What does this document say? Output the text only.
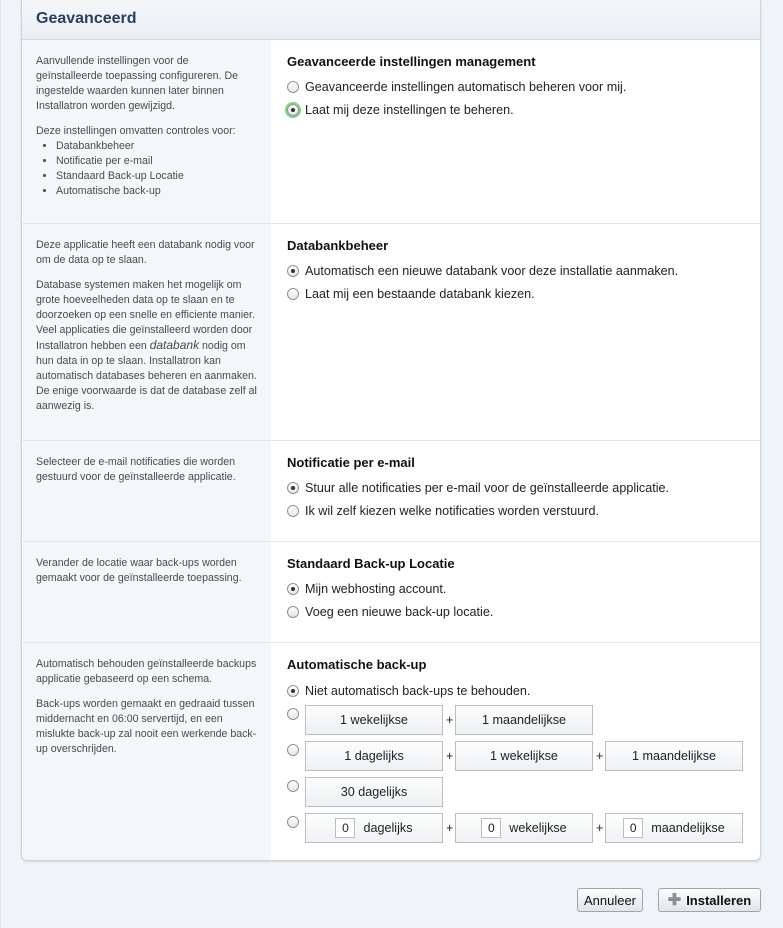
Geavanceerd

Aanvullende instellingen voor de geïnstalleerde toepassing configureren. De ingestelde waarden kunnen later binnen Installatron worden gewijzigd.

Deze instellingen omvatten controles voor:

• Databankbeheer
• Notificatie per e-mail
• Standaard Back-up Locatie
• Automatische back-up
Geavanceerde instellingen management
Geavanceerde instellingen automatisch beheren voor mij.
Laat mij deze instellingen te beheren.

Deze applicatie heeft een databank nodig voor om de data op te slaan.

Database systemen maken het mogelijk om grote hoeveelheden data op te slaan en te doorzoeken op een snelle en efficiente manier. Veel applicaties die geïnstalleerd worden door Installatron hebben een databank nodig om hun data in op te slaan. Installatron kan automatisch databases beheren en aanmaken. De enige voorwaarde is dat de database zelf al aanwezig is.

Databankbeheer
Automatisch een nieuwe databank voor deze installatie aanmaken.
Laat mij een bestaande databank kiezen.

Selecteer de e-mail notificaties die worden gestuurd voor de geïnstalleerde applicatie.

Notificatie per e-mail
Stuur alle notificaties per e-mail voor de geïnstalleerde applicatie.
Ik wil zelf kiezen welke notificaties worden verstuurd.

Verander de locatie waar back-ups worden gemaakt voor de geïnstalleerde toepassing.

Standaard Back-up Locatie
Mijn webhosting account.
Voeg een nieuwe back-up locatie.

Automatisch behouden geïnstalleerde backups applicatie gebaseerd op een schema.

Back-ups worden gemaakt en gedraaid tussen middernacht en 06:00 servertijd, en een mislukte back-up zal nooit een werkende back-up overschrijden.

Automatische back-up
Niet automatisch back-ups te behouden.
1 wekelijkse	+	1 maandelijkse
1 dagelijks	+	1 wekelijkse	+	1 maandelijkse
30 dagelijks
0	dagelijks	+	0	wekelijkse +	0	maandelijkse
Annuleer	✚ Installeren
